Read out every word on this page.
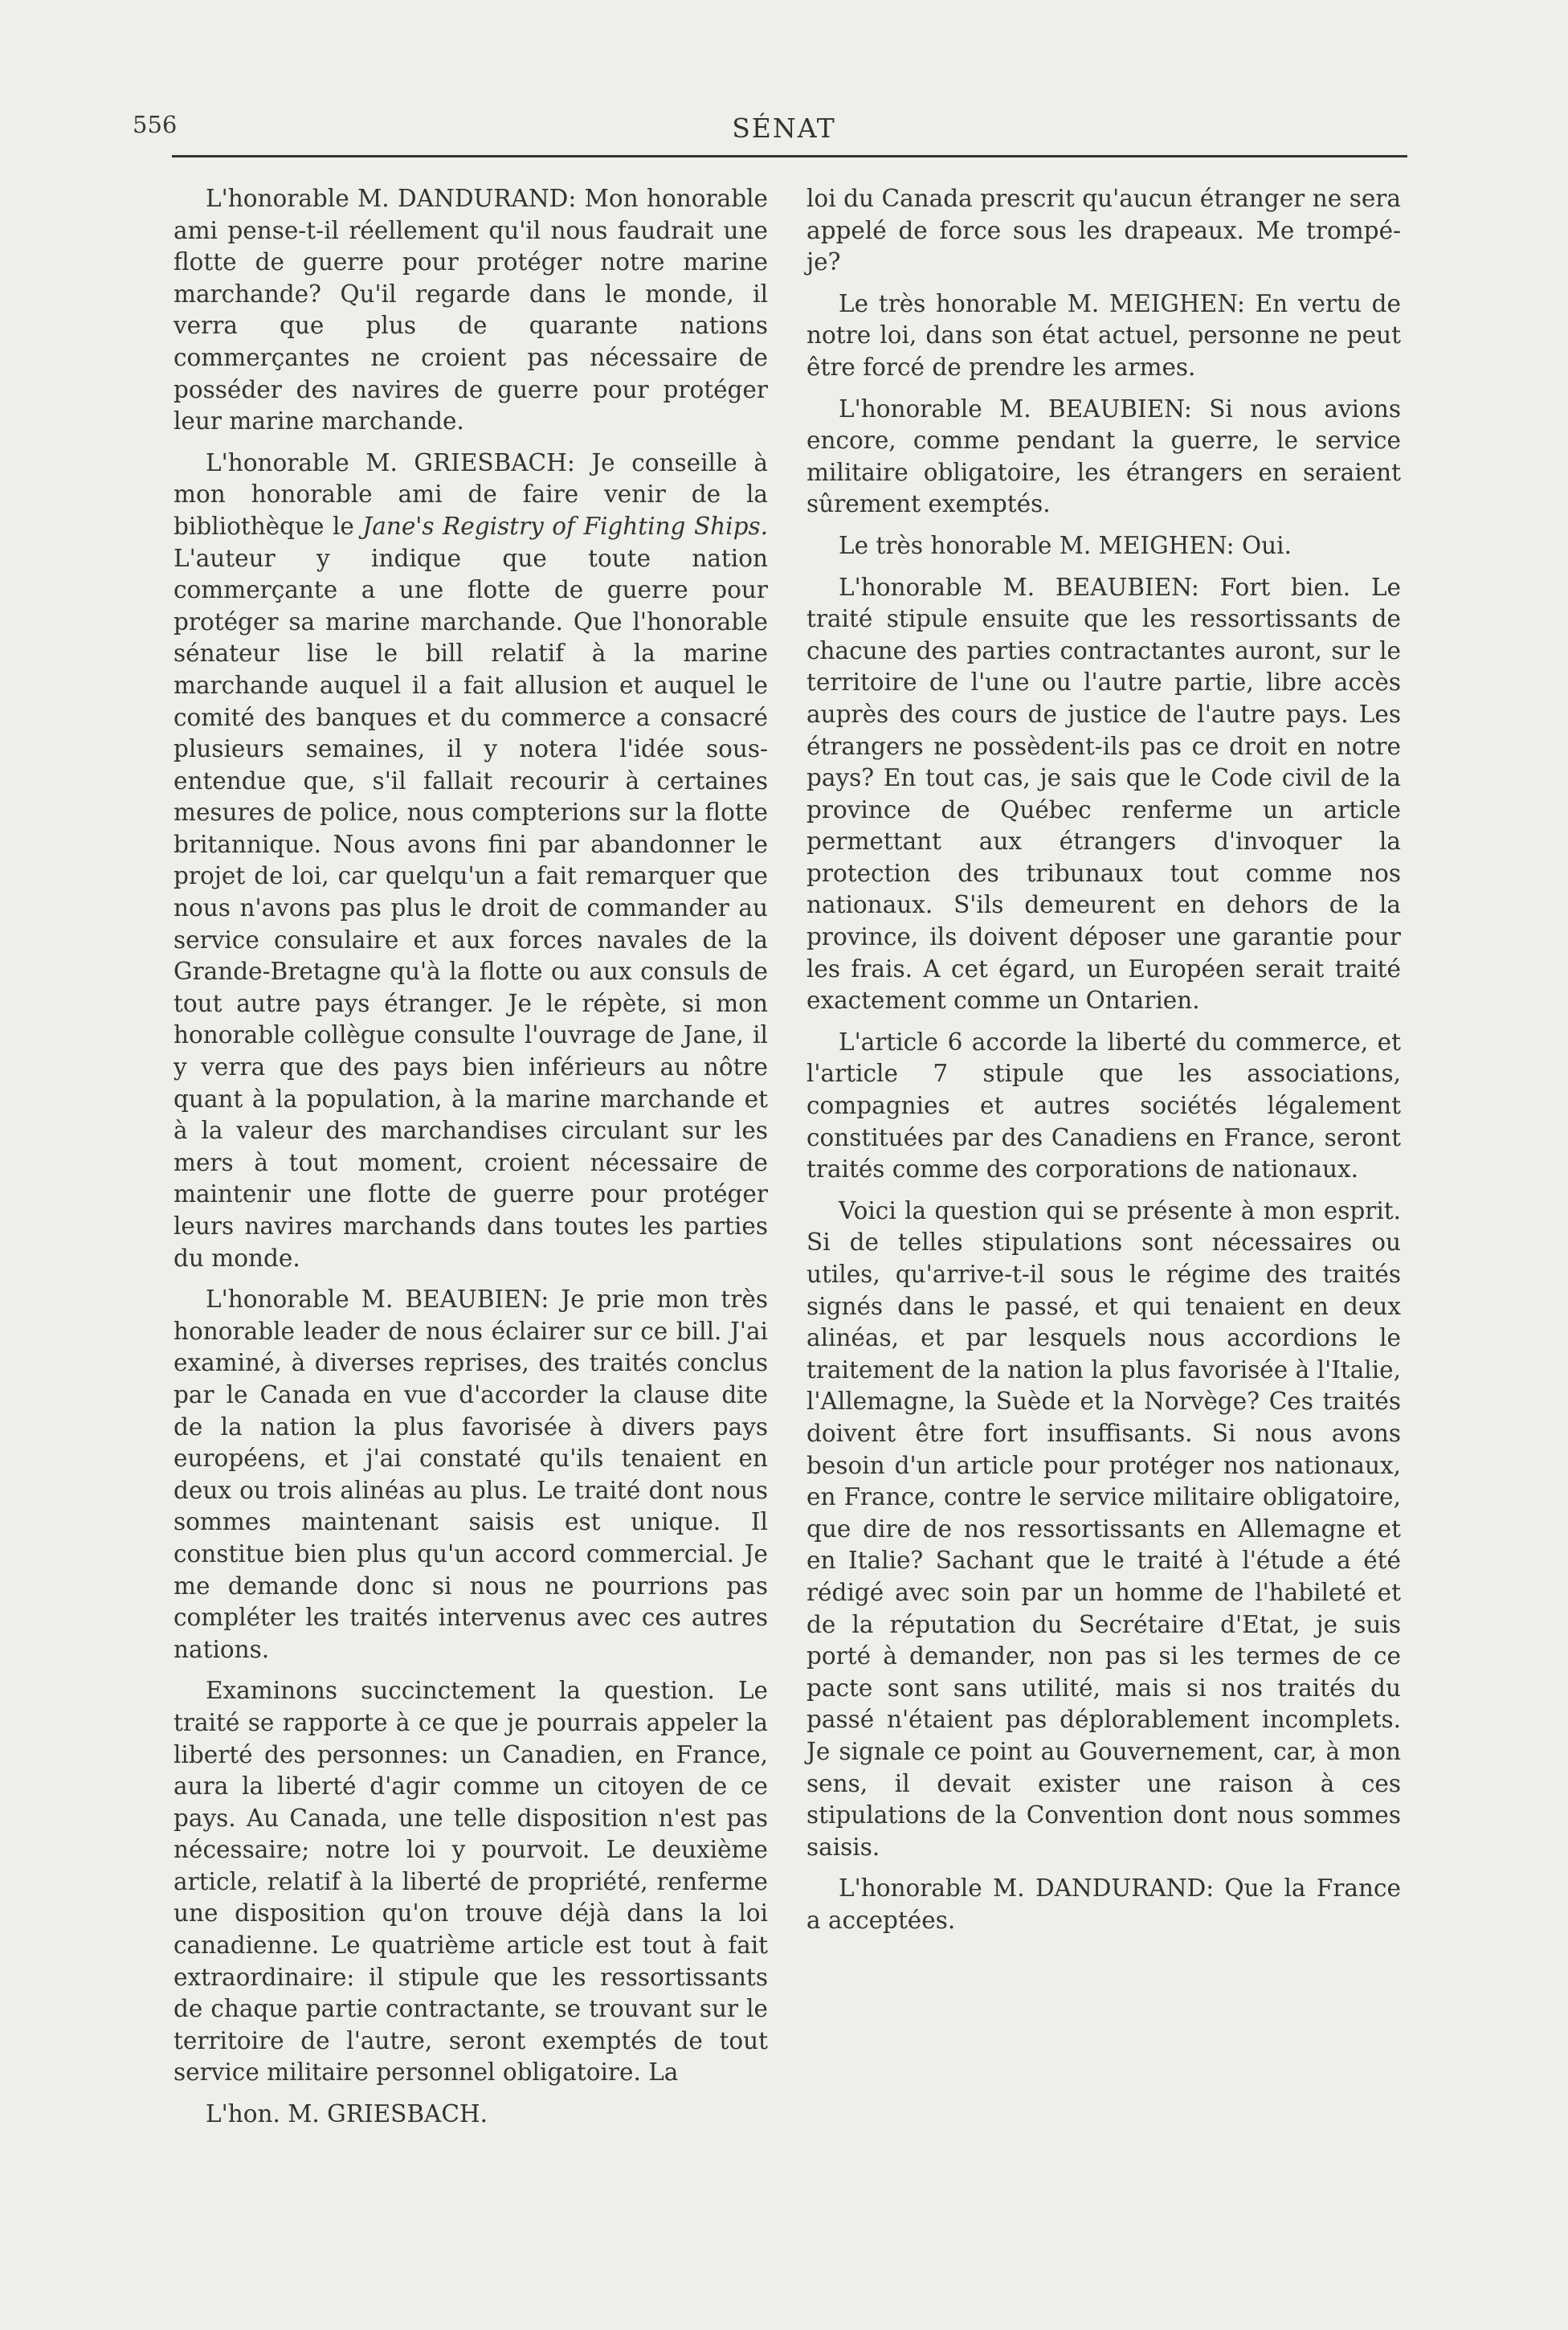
556	SÉNAT

L'honorable M. DANDURAND: Mon honorable ami pense-t-il réellement qu'il nous faudrait une flotte de guerre pour protéger notre marine marchande? Qu'il regarde dans le monde, il verra que plus de quarante nations commerçantes ne croient pas nécessaire de posséder des navires de guerre pour protéger leur marine marchande.

L'honorable M. GRIESBACH: Je conseille à mon honorable ami de faire venir de la bibliothèque le Jane's Registry of Fighting Ships. L'auteur y indique que toute nation commerçante a une flotte de guerre pour protéger sa marine marchande. Que l'honorable sénateur lise le bill relatif à la marine marchande auquel il a fait allusion et auquel le comité des banques et du commerce a consacré plusieurs semaines, il y notera l'idée sous-entendue que, s'il fallait recourir à certaines mesures de police, nous compterions sur la flotte britannique. Nous avons fini par abandonner le projet de loi, car quelqu'un a fait remarquer que nous n'avons pas plus le droit de commander au service consulaire et aux forces navales de la Grande-Bretagne qu'à la flotte ou aux consuls de tout autre pays étranger. Je le répète, si mon honorable collègue consulte l'ouvrage de Jane, il y verra que des pays bien inférieurs au nôtre quant à la population, à la marine marchande et à la valeur des marchandises circulant sur les mers à tout moment, croient nécessaire de maintenir une flotte de guerre pour protéger leurs navires marchands dans toutes les parties du monde.

L'honorable M. BEAUBIEN: Je prie mon très honorable leader de nous éclairer sur ce bill. J'ai examiné, à diverses reprises, des traités conclus par le Canada en vue d'accorder la clause dite de la nation la plus favorisée à divers pays européens, et j'ai constaté qu'ils tenaient en deux ou trois alinéas au plus. Le traité dont nous sommes maintenant saisis est unique. Il constitue bien plus qu'un accord commercial. Je me demande donc si nous ne pourrions pas compléter les traités intervenus avec ces autres nations.

Examinons succinctement la question. Le traité se rapporte à ce que je pourrais appeler la liberté des personnes: un Canadien, en France, aura la liberté d'agir comme un citoyen de ce pays. Au Canada, une telle disposition n'est pas nécessaire; notre loi y pourvoit. Le deuxième article, relatif à la liberté de propriété, renferme une disposition qu'on trouve déjà dans la loi canadienne. Le quatrième article est tout à fait extraordinaire: il stipule que les ressortissants de chaque partie contractante, se trouvant sur le territoire de l'autre, seront exemptés de tout service militaire personnel obligatoire. La

L'hon. M. GRIESBACH.

loi du Canada prescrit qu'aucun étranger ne sera appelé de force sous les drapeaux. Me trompé-je?

Le très honorable M. MEIGHEN: En vertu de notre loi, dans son état actuel, personne ne peut être forcé de prendre les armes.

L'honorable M. BEAUBIEN: Si nous avions encore, comme pendant la guerre, le service militaire obligatoire, les étrangers en seraient sûrement exemptés.

Le très honorable M. MEIGHEN: Oui.

L'honorable M. BEAUBIEN: Fort bien. Le traité stipule ensuite que les ressortissants de chacune des parties contractantes auront, sur le territoire de l'une ou l'autre partie, libre accès auprès des cours de justice de l'autre pays. Les étrangers ne possèdent-ils pas ce droit en notre pays? En tout cas, je sais que le Code civil de la province de Québec renferme un article permettant aux étrangers d'invoquer la protection des tribunaux tout comme nos nationaux. S'ils demeurent en dehors de la province, ils doivent déposer une garantie pour les frais. A cet égard, un Européen serait traité exactement comme un Ontarien.

L'article 6 accorde la liberté du commerce, et l'article 7 stipule que les associations, compagnies et autres sociétés légalement constituées par des Canadiens en France, seront traités comme des corporations de nationaux.

Voici la question qui se présente à mon esprit. Si de telles stipulations sont nécessaires ou utiles, qu'arrive-t-il sous le régime des traités signés dans le passé, et qui tenaient en deux alinéas, et par lesquels nous accordions le traitement de la nation la plus favorisée à l'Italie, l'Allemagne, la Suède et la Norvège? Ces traités doivent être fort insuffisants. Si nous avons besoin d'un article pour protéger nos nationaux, en France, contre le service militaire obligatoire, que dire de nos ressortissants en Allemagne et en Italie? Sachant que le traité à l'étude a été rédigé avec soin par un homme de l'habileté et de la réputation du Secrétaire d'Etat, je suis porté à demander, non pas si les termes de ce pacte sont sans utilité, mais si nos traités du passé n'étaient pas déplorablement incomplets. Je signale ce point au Gouvernement, car, à mon sens, il devait exister une raison à ces stipulations de la Convention dont nous sommes saisis.

L'honorable M. DANDURAND: Que la France a acceptées.
